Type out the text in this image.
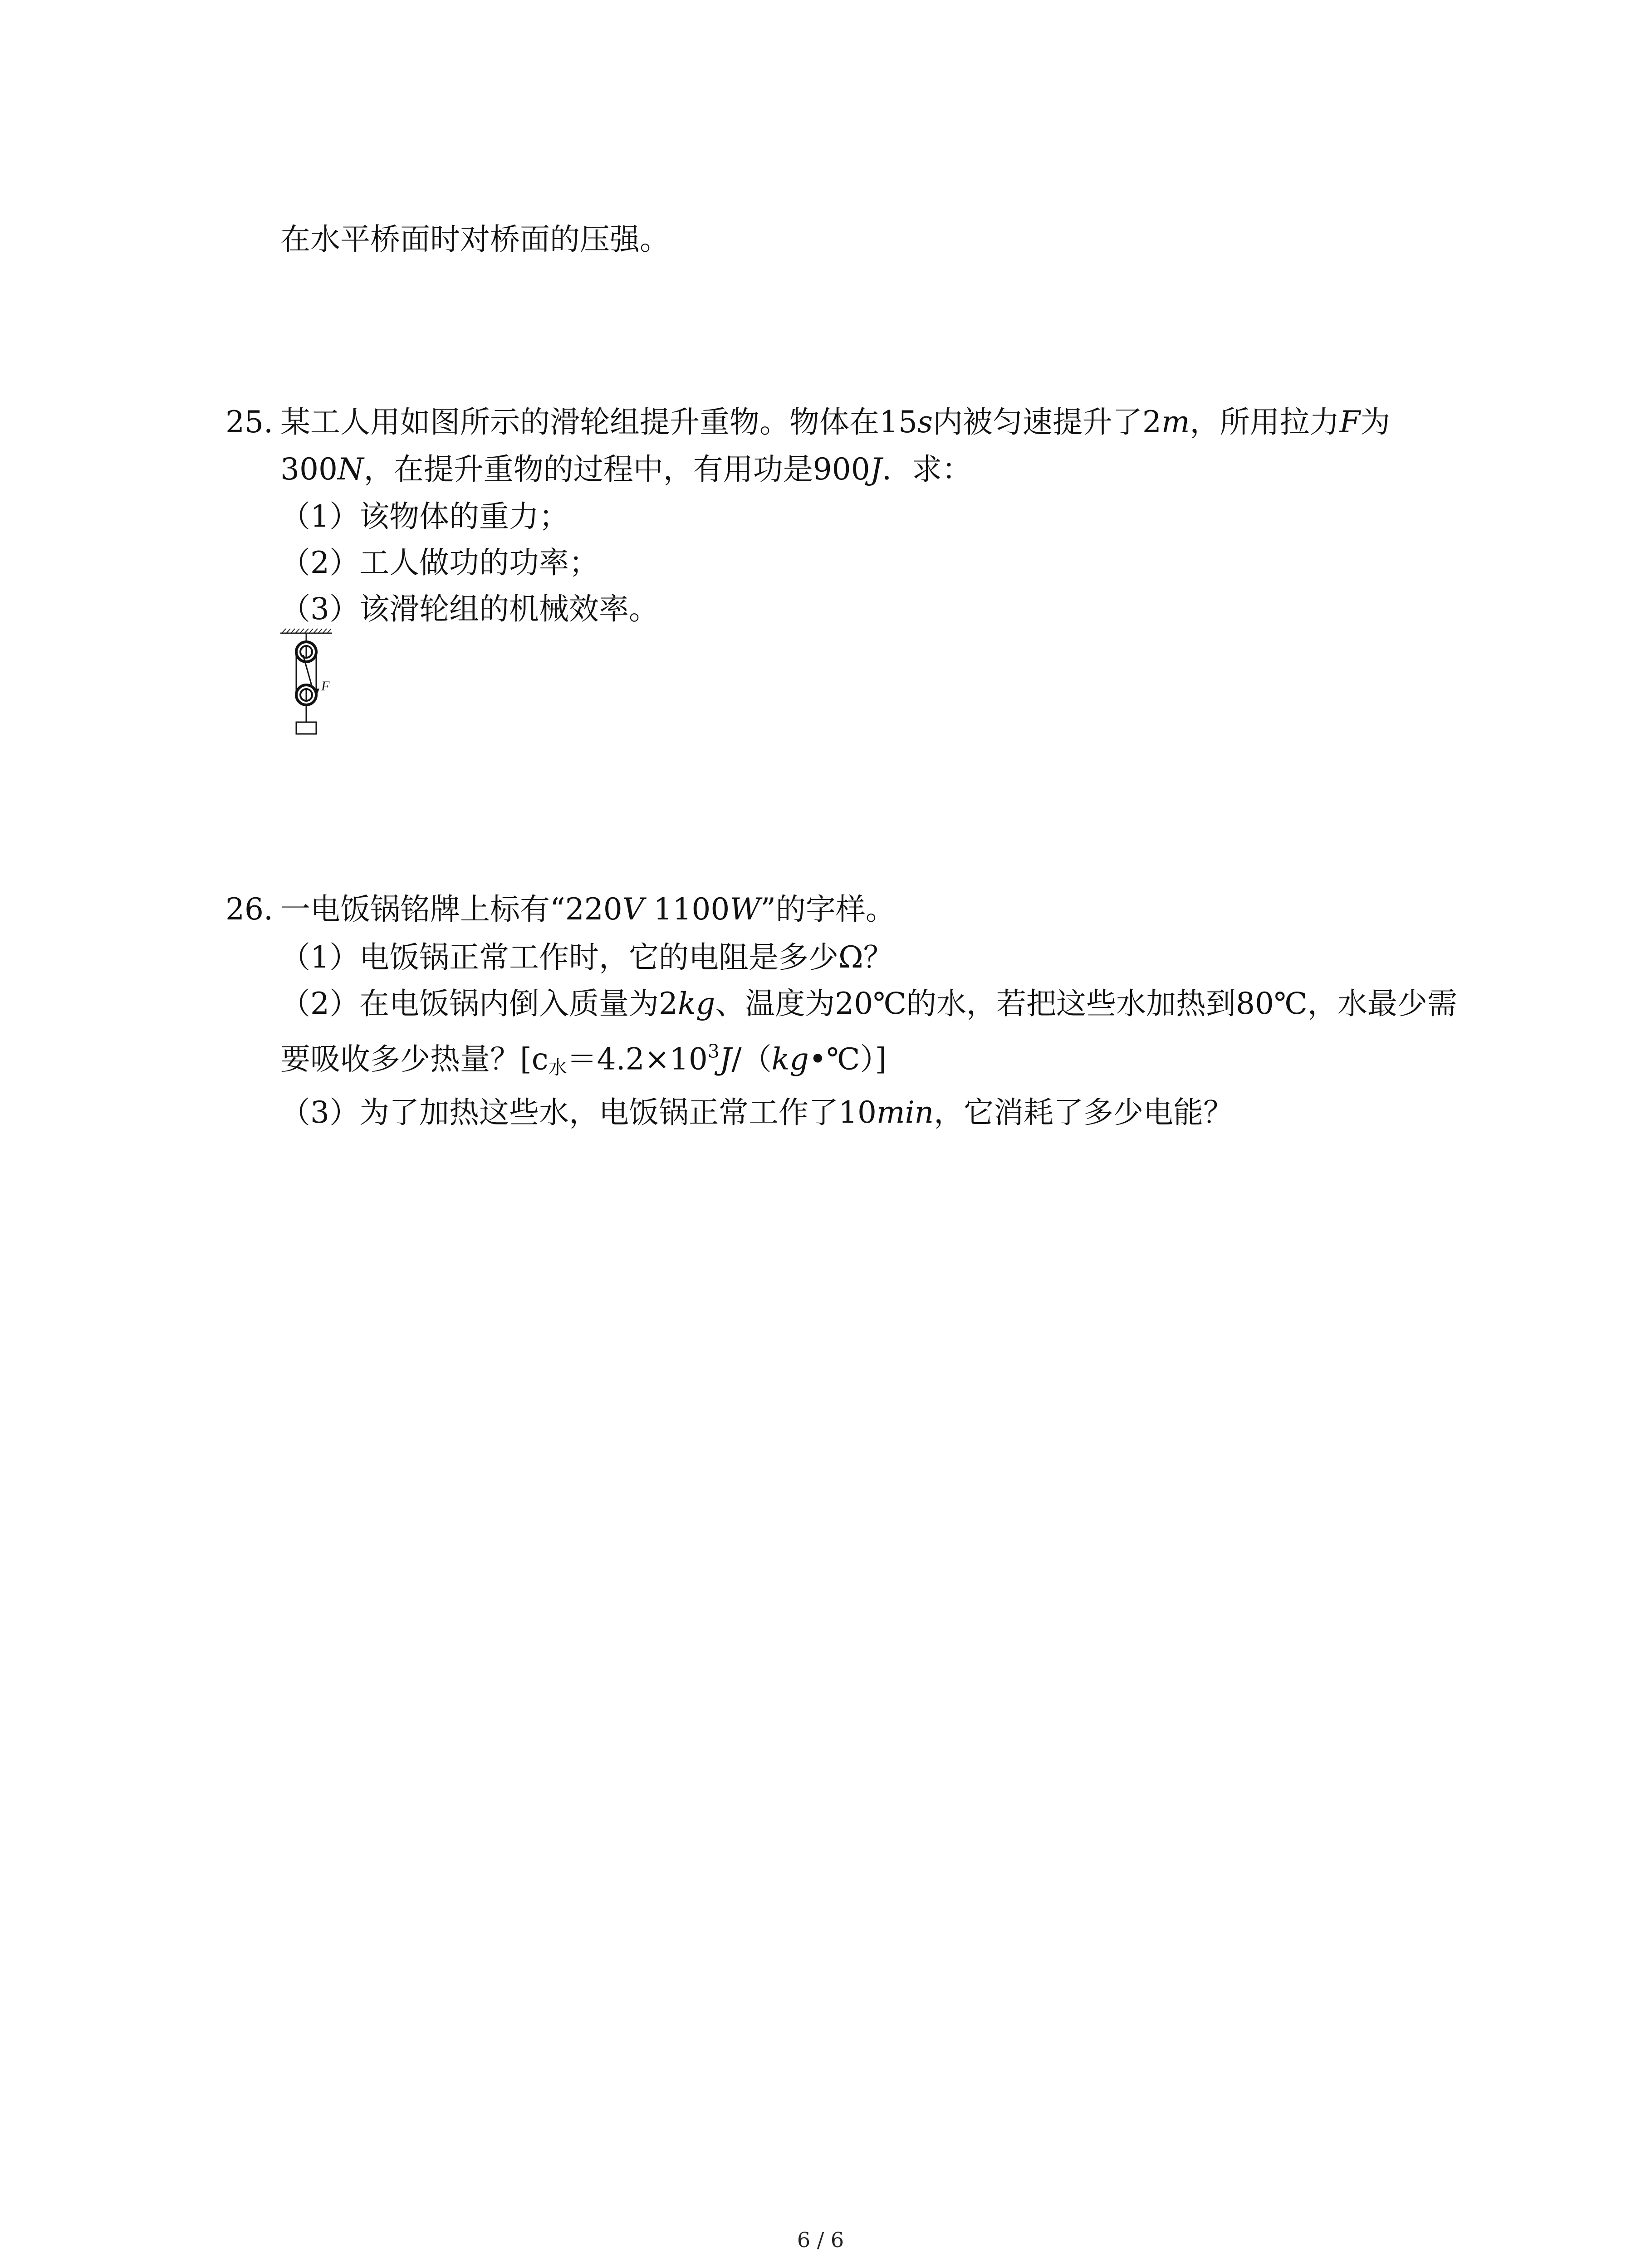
在水平桥面时对桥面的压强。
25. 某工人用如图所示的滑轮组提升重物。物体在15s内被匀速提升了2m，所用拉力F为
300N，在提升重物的过程中，有用功是900J．求：
（1）该物体的重力；
（2）工人做功的功率；
（3）该滑轮组的机械效率。
F
26. 一电饭锅铭牌上标有“220V 1100W”的字样。
（1）电饭锅正常工作时，它的电阻是多少Ω？
（2）在电饭锅内倒入质量为2kg、温度为20℃的水，若把这些水加热到80℃，水最少需
要吸收多少热量？$[c_水=4.2\times 10^3J/(kg•℃)]$
（3）为了加热这些水，电饭锅正常工作了10min，它消耗了多少电能？
6 / 6
